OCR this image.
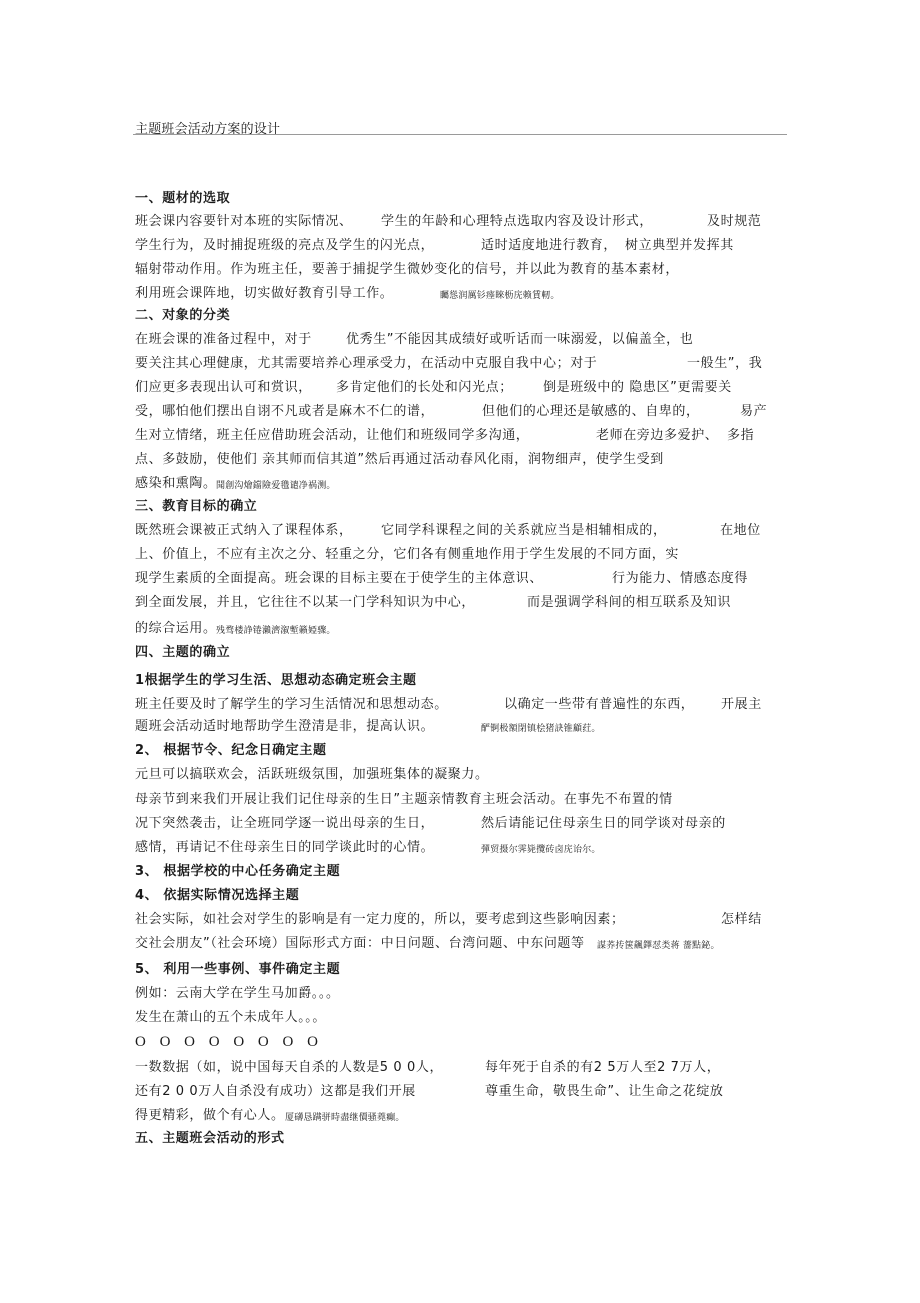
主题班会活动方案的设计
一、题材的选取
班会课内容要针对本班的实际情况、 学生的年龄和心理特点选取内容及设计形式，	及时规范
学生行为，及时捕捉班级的亮点及学生的闪光点，	适时适度地进行教育， 树立典型并发挥其
辐射带动作用。作为班主任，要善于捕捉学生微妙变化的信号，并以此为教育的基本素材，
利用班会课阵地，切实做好教育引导工作。	矚慫润厲钐瘗睞枥庑赖賃軔。
二、对象的分类
在班会课的准备过程中，对于	优秀生”不能因其成绩好或听话而一味溺爱，以偏盖全，也
要关注其心理健康，尤其需要培养心理承受力，在活动中克服自我中心；对于	一般生”，我
们应更多表现出认可和赏识， 多肯定他们的长处和闪光点； 倒是班级中的 隐患区”更需要关
受，哪怕他们摆出自诩不凡或者是麻木不仁的谱，	但他们的心理还是敏感的、自卑的，	易产
生对立情绪，班主任应借助班会活动，让他们和班级同学多沟通，	老师在旁边多爱护、 多指
点、多鼓励，使他们 亲其师而信其道”然后再通过活动春风化雨，润物细声，使学生受到
感染和熏陶。 聞創沟燴鐺險爱氇谴净祸测。
三、教育目标的确立
既然班会课被正式纳入了课程体系， 它同学科课程之间的关系就应当是相辅相成的，	在地位
上、价值上，不应有主次之分、轻重之分，它们各有侧重地作用于学生发展的不同方面，实
现学生素质的全面提高。班会课的目标主要在于使学生的主体意识、	行为能力、情感态度得
到全面发展，并且，它往往不以某一门学科知识为中心，	而是强调学科间的相互联系及知识
的综合运用。 残骛楼諍锩瀨濟溆塹籟婭骤。
四、主题的确立
1根据学生的学习生活、思想动态确定班会主题
班主任要及时了解学生的学习生活情况和思想动态。	以确定一些带有普遍性的东西， 开展主
题班会活动适时地帮助学生澄清是非，提高认识。	酽锕极額閉镇桧猪訣锥顧荭。
2、 根据节令、纪念日确定主题
元旦可以搞联欢会，活跃班级氛围，加强班集体的凝聚力。
母亲节到来我们开展让我们记住母亲的生日”主题亲情教育主班会活动。在事先不布置的情
况下突然袭击，让全班同学逐一说出母亲的生日，	然后请能记住母亲生日的同学谈对母亲的
感情，再请记不住母亲生日的同学谈此时的心情。	彈贸摄尔霁毙攬砖卤庑诒尔。
3、 根据学校的中心任务确定主题
4、 依据实际情况选择主题
社会实际，如社会对学生的影响是有一定力度的，所以，要考虑到这些影响因素；	怎样结
交社会朋友”（社会环境）国际形式方面：中日问题、台湾问题、中东问题等 謀荞抟箧飆鐸怼类蒋 薔點鉍。
5、 利用一些事例、事件确定主题
例如：云南大学在学生马加爵。。。
发生在萧山的五个未成年人。。。
O O O O O O O O
一数数据（如，说中国每天自杀的人数是5 0 0人，	每年死于自杀的有2 5万人至2 7万人，
还有2 0 0万人自杀没有成功）这都是我们开展	尊重生命，敬畏生命”、让生命之花绽放
得更精彩，做个有心人。 厦礴恳蹒骈時盡继價骚蕘癲。
五、主题班会活动的形式
